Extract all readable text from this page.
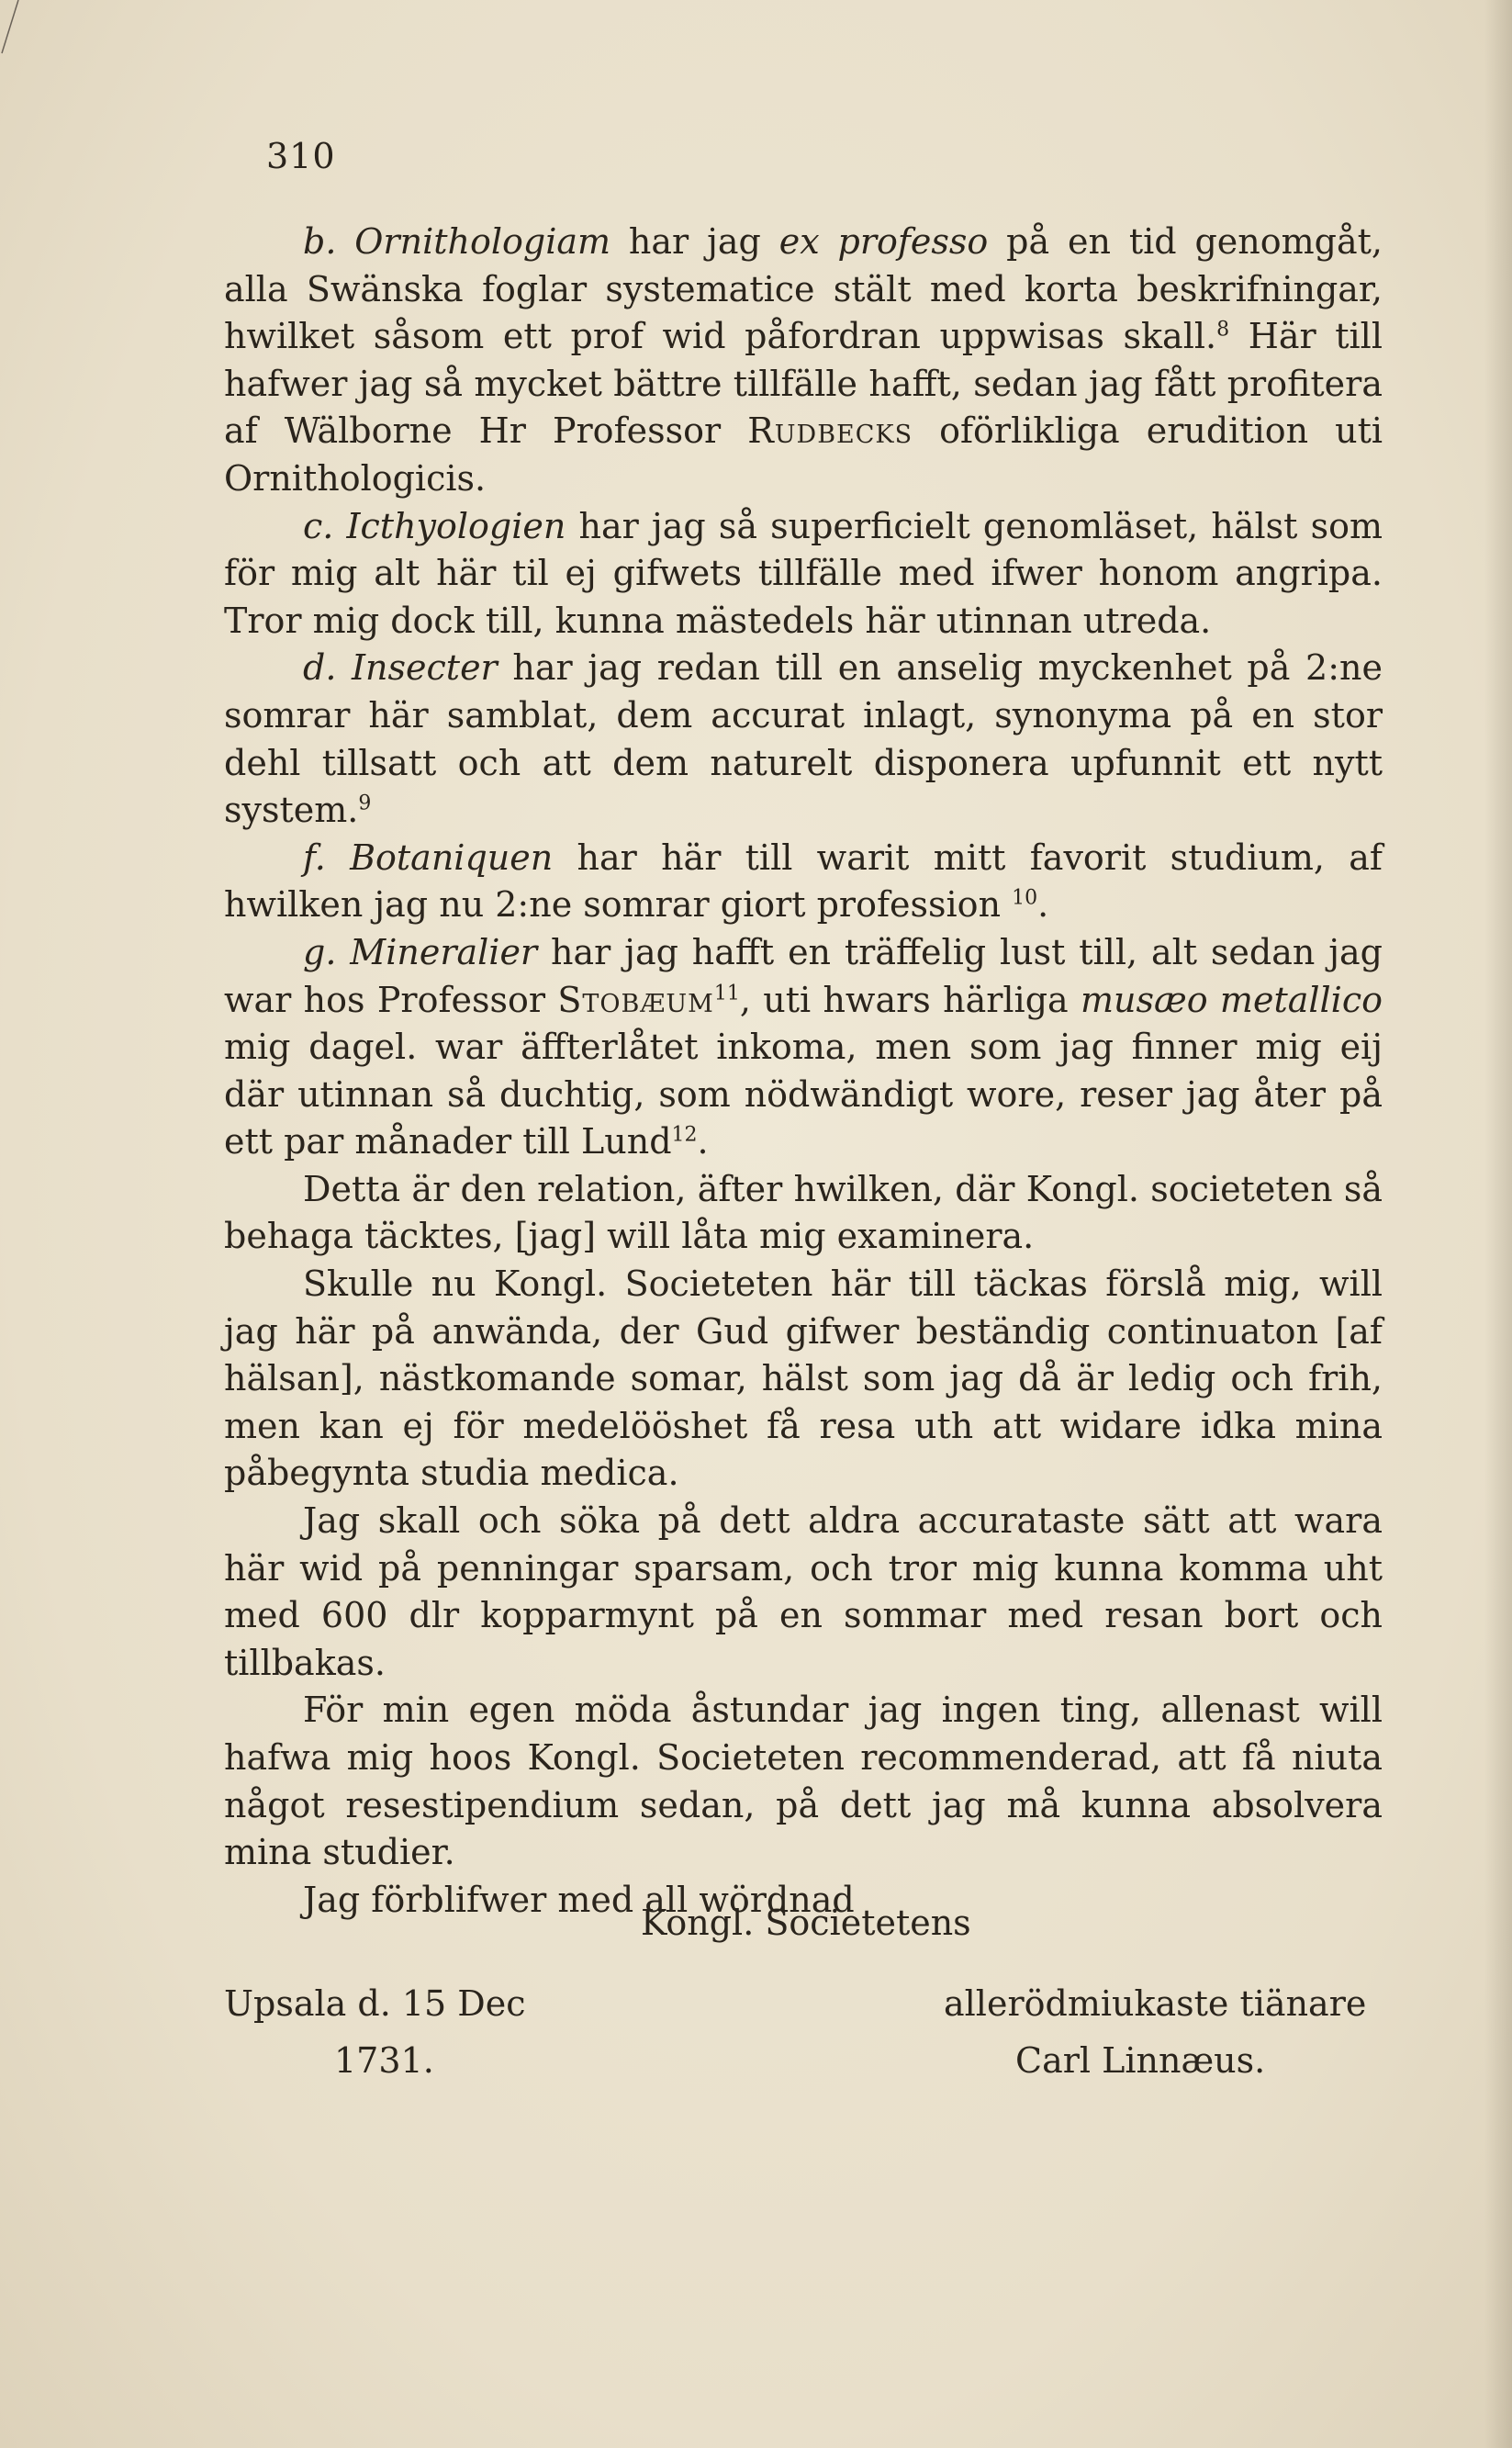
310

b. Ornithologiam har jag ex professo på en tid genomgåt, alla Swänska foglar systematice stält med korta beskrifningar, hwilket såsom ett prof wid påfordran uppwisas skall.$^8$ Här till hafwer jag så mycket bättre tillfälle hafft, sedan jag fått profitera af Wälborne Hr Professor Rudbecks oförlikliga erudition uti Ornithologicis.

c. Icthyologien har jag så superficielt genomläset, hälst som för mig alt här til ej gifwets tillfälle med ifwer honom angripa. Tror mig dock till, kunna mästedels här utinnan utreda.

d. Insecter har jag redan till en anselig myckenhet på 2:ne somrar här samblat, dem accurat inlagt, synonyma på en stor dehl tillsatt och att dem naturelt disponera upfunnit ett nytt system.$^9$

f. Botaniquen har här till warit mitt favorit studium, af hwilken jag nu 2:ne somrar giort profession $^{10}$.

g. Mineralier har jag hafft en träffelig lust till, alt sedan jag war hos Professor Stobæum$^{11}$, uti hwars härliga musæo metallico mig dagel. war äffterlåtet inkoma, men som jag finner mig eij där utinnan så duchtig, som nödwändigt wore, reser jag åter på ett par månader till Lund$^{12}$.

Detta är den relation, äfter hwilken, där Kongl. societeten så behaga täcktes, [jag] will låta mig examinera.

Skulle nu Kongl. Societeten här till täckas förslå mig, will jag här på anwända, der Gud gifwer beständig continuaton [af hälsan], nästkomande somar, hälst som jag då är ledig och frih, men kan ej för medelööshet få resa uth att widare idka mina påbegynta studia medica.

Jag skall och söka på dett aldra accurataste sätt att wara här wid på penningar sparsam, och tror mig kunna komma uht med 600 dlr kopparmynt på en sommar med resan bort och tillbakas.

För min egen möda åstundar jag ingen ting, allenast will hafwa mig hoos Kongl. Societeten recommenderad, att få niuta något resestipendium sedan, på dett jag må kunna absolvera mina studier.

Jag förblifwer med all wördnad

Kongl. Societetens
Upsala d. 15 Dec
1731.
allerödmiukaste tiänare
Carl Linnæus.
